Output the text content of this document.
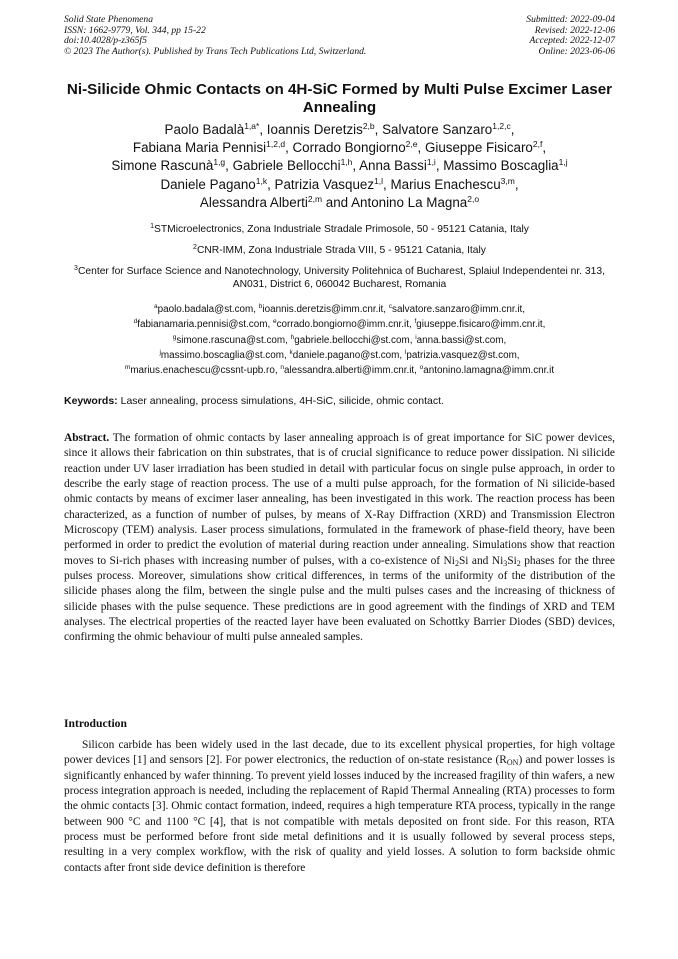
Solid State Phenomena
ISSN: 1662-9779, Vol. 344, pp 15-22
doi:10.4028/p-z365f5
© 2023 The Author(s). Published by Trans Tech Publications Ltd, Switzerland.
Submitted: 2022-09-04
Revised: 2022-12-06
Accepted: 2022-12-07
Online: 2023-06-06
Ni-Silicide Ohmic Contacts on 4H-SiC Formed by Multi Pulse Excimer Laser Annealing
Paolo Badalà$^{1,a*}$, Ioannis Deretzis$^{2,b}$, Salvatore Sanzaro$^{1,2,c}$,
Fabiana Maria Pennisi$^{1,2,d}$, Corrado Bongiorno$^{2,e}$, Giuseppe Fisicaro$^{2,f}$,
Simone Rascunà$^{1,g}$, Gabriele Bellocchi$^{1,h}$, Anna Bassi$^{1,i}$, Massimo Boscaglia$^{1,j}$
Daniele Pagano$^{1,k}$, Patrizia Vasquez$^{1,l}$, Marius Enachescu$^{3,m}$,
Alessandra Alberti$^{2,m}$ and Antonino La Magna$^{2,o}$
$^1$STMicroelectronics, Zona Industriale Stradale Primosole, 50 - 95121 Catania, Italy
$^2$CNR-IMM, Zona Industriale Strada VIII, 5 - 95121 Catania, Italy
$^3$Center for Surface Science and Nanotechnology, University Politehnica of Bucharest, Splaiul Independentei nr. 313, AN031, District 6, 060042 Bucharest, Romania
$^a$paolo.badala@st.com, $^b$ioannis.deretzis@imm.cnr.it, $^c$salvatore.sanzaro@imm.cnr.it,
$^d$fabianamaria.pennisi@st.com, $^e$corrado.bongiorno@imm.cnr.it, $^f$giuseppe.fisicaro@imm.cnr.it,
$^g$simone.rascuna@st.com, $^h$gabriele.bellocchi@st.com, $^i$anna.bassi@st.com,
$^j$massimo.boscaglia@st.com, $^k$daniele.pagano@st.com, $^l$patrizia.vasquez@st.com,
$^m$marius.enachescu@cssnt-upb.ro, $^n$alessandra.alberti@imm.cnr.it, $^o$antonino.lamagna@imm.cnr.it
Keywords: Laser annealing, process simulations, 4H-SiC, silicide, ohmic contact.
Abstract. The formation of ohmic contacts by laser annealing approach is of great importance for SiC power devices, since it allows their fabrication on thin substrates, that is of crucial significance to reduce power dissipation. Ni silicide reaction under UV laser irradiation has been studied in detail with particular focus on single pulse approach, in order to describe the early stage of reaction process. The use of a multi pulse approach, for the formation of Ni silicide-based ohmic contacts by means of excimer laser annealing, has been investigated in this work. The reaction process has been characterized, as a function of number of pulses, by means of X-Ray Diffraction (XRD) and Transmission Electron Microscopy (TEM) analysis. Laser process simulations, formulated in the framework of phase-field theory, have been performed in order to predict the evolution of material during reaction under annealing. Simulations show that reaction moves to Si-rich phases with increasing number of pulses, with a co-existence of $Ni_2Si$ and $Ni_3Si_2$ phases for the three pulses process. Moreover, simulations show critical differences, in terms of the uniformity of the distribution of the silicide phases along the film, between the single pulse and the multi pulses cases and the increasing of thickness of silicide phases with the pulse sequence. These predictions are in good agreement with the findings of XRD and TEM analyses. The electrical properties of the reacted layer have been evaluated on Schottky Barrier Diodes (SBD) devices, confirming the ohmic behaviour of multi pulse annealed samples.
Introduction
Silicon carbide has been widely used in the last decade, due to its excellent physical properties, for high voltage power devices [1] and sensors [2]. For power electronics, the reduction of on-state resistance $(R_{ON})$ and power losses is significantly enhanced by wafer thinning. To prevent yield losses induced by the increased fragility of thin wafers, a new process integration approach is needed, including the replacement of Rapid Thermal Annealing (RTA) processes to form the ohmic contacts [3]. Ohmic contact formation, indeed, requires a high temperature RTA process, typically in the range between 900 °C and 1100 °C [4], that is not compatible with metals deposited on front side. For this reason, RTA process must be performed before front side metal definitions and it is usually followed by several process steps, resulting in a very complex workflow, with the risk of quality and yield losses. A solution to form backside ohmic contacts after front side device definition is therefore
